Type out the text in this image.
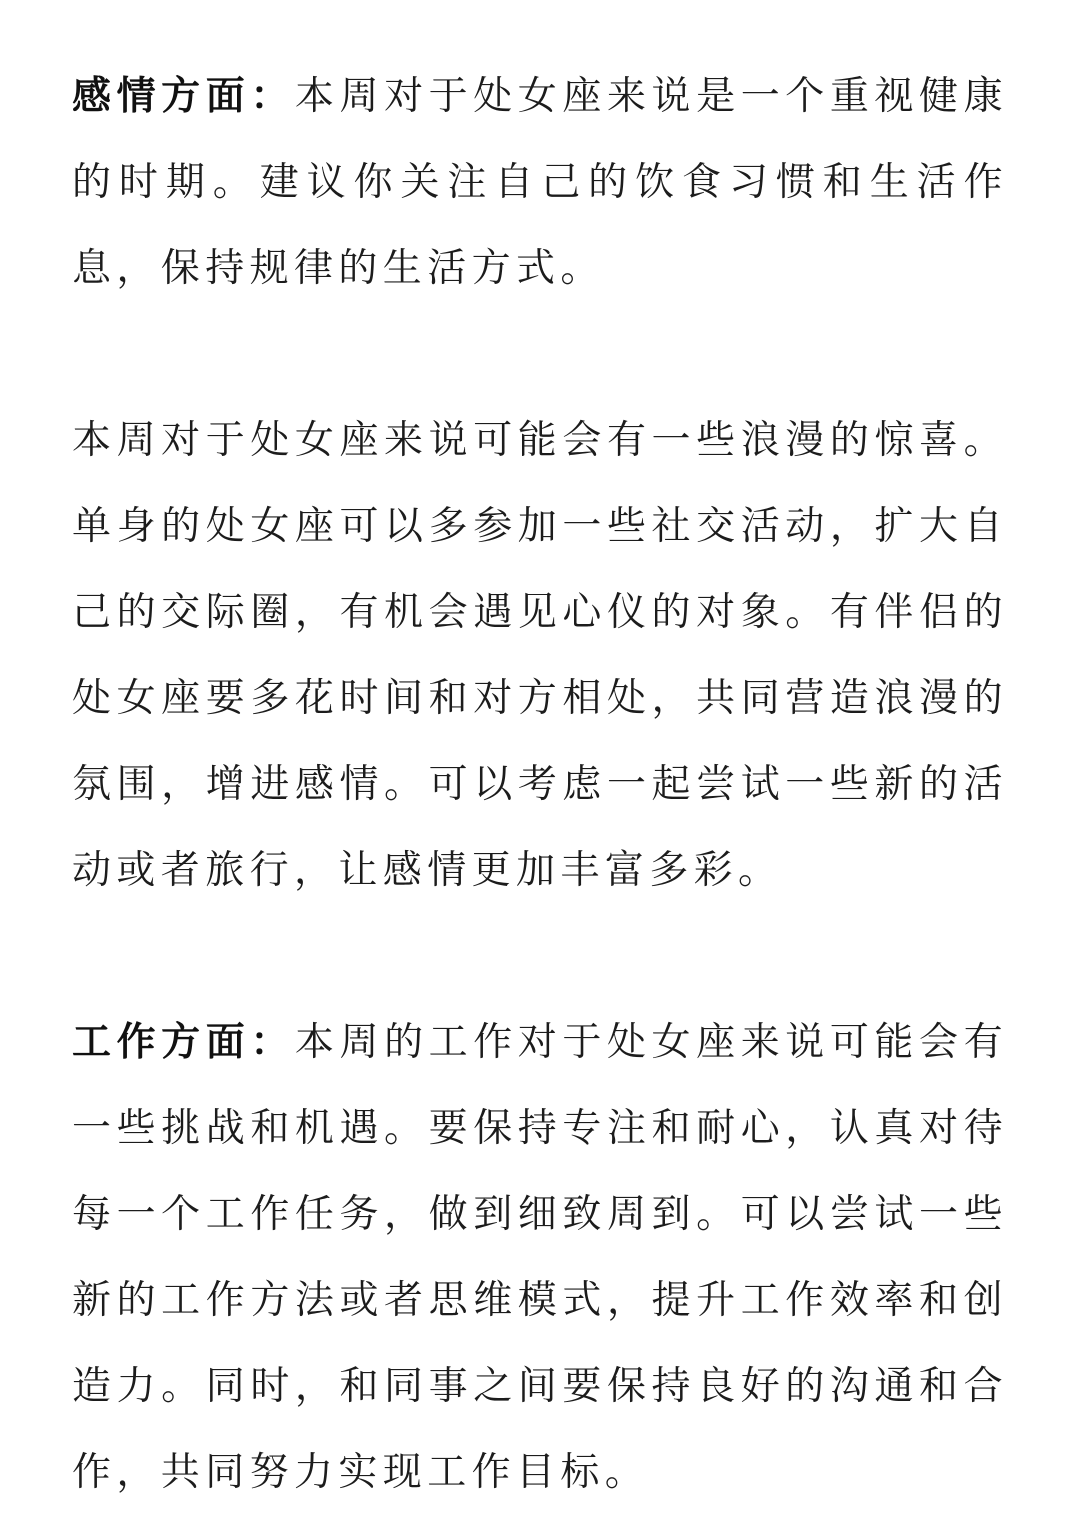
感情方面：本周对于处女座来说是一个重视健康的时期。建议你关注自己的饮食习惯和生活作息，保持规律的生活方式。

本周对于处女座来说可能会有一些浪漫的惊喜。单身的处女座可以多参加一些社交活动，扩大自己的交际圈，有机会遇见心仪的对象。有伴侣的处女座要多花时间和对方相处，共同营造浪漫的氛围，增进感情。可以考虑一起尝试一些新的活动或者旅行，让感情更加丰富多彩。

工作方面：本周的工作对于处女座来说可能会有一些挑战和机遇。要保持专注和耐心，认真对待每一个工作任务，做到细致周到。可以尝试一些新的工作方法或者思维模式，提升工作效率和创造力。同时，和同事之间要保持良好的沟通和合作，共同努力实现工作目标。
